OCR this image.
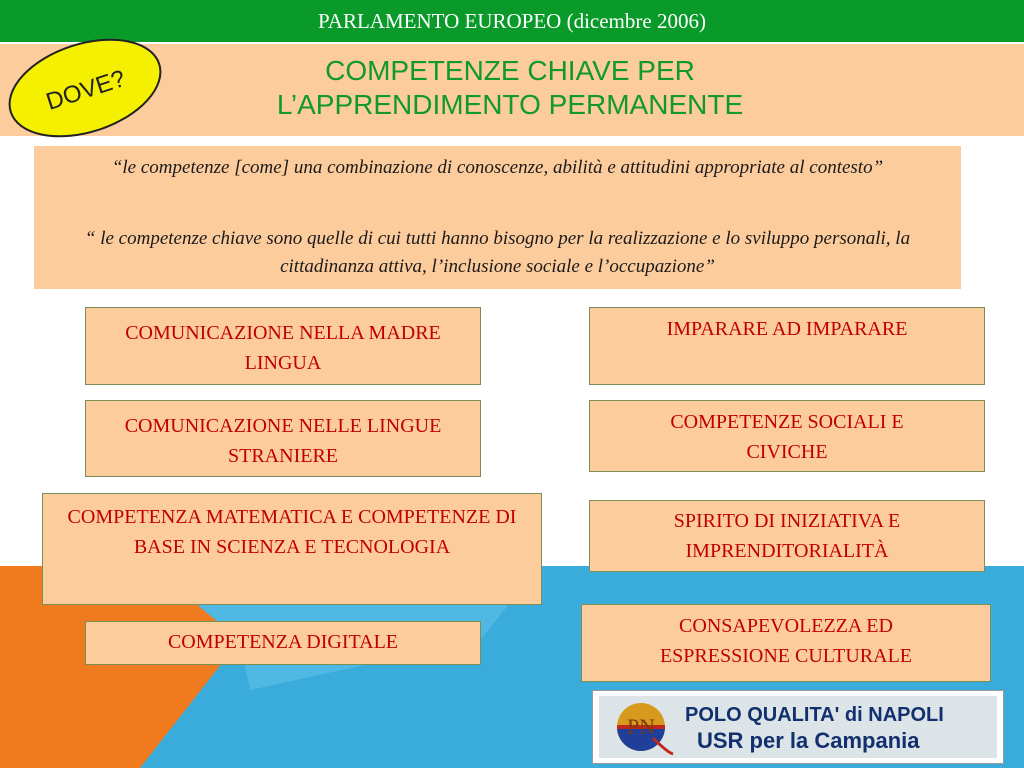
PARLAMENTO EUROPEO (dicembre 2006)
DOVE?	COMPETENZE CHIAVE PER
L’APPRENDIMENTO PERMANENTE

“le competenze [come] una combinazione di conoscenze, abilità e attitudini appropriate al contesto”

“ le competenze chiave sono quelle di cui tutti hanno bisogno per la realizzazione e lo sviluppo personali, la cittadinanza attiva, l’inclusione sociale e l’occupazione”

COMUNICAZIONE NELLA MADRE LINGUA
COMUNICAZIONE NELLE LINGUE STRANIERE
COMPETENZA MATEMATICA E COMPETENZE DI BASE IN SCIENZA E TECNOLOGIA
COMPETENZA DIGITALE
IMPARARE AD IMPARARE
COMPETENZE SOCIALI E CIVICHE
SPIRITO DI INIZIATIVA E IMPRENDITORIALITÀ
CONSAPEVOLEZZA ED ESPRESSIONE CULTURALE
PN POLO QUALITA' di NAPOLI
USR per la Campania
